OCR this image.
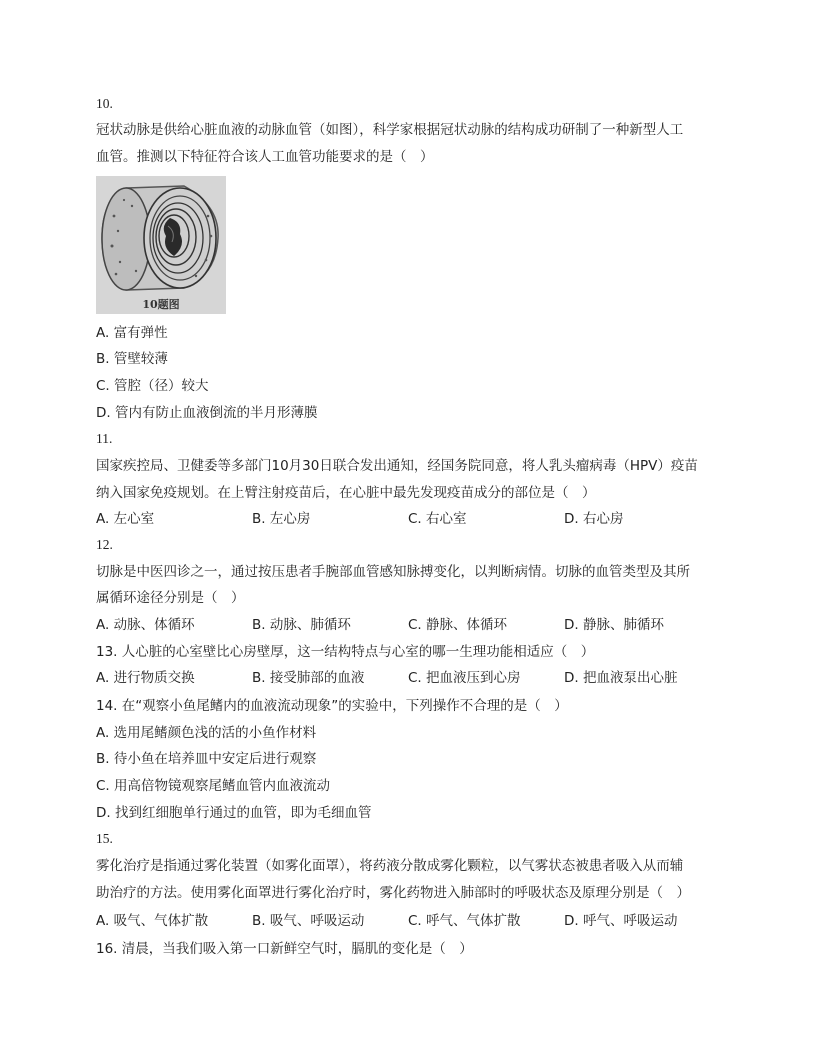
10.
冠状动脉是供给心脏血液的动脉血管（如图），科学家根据冠状动脉的结构成功研制了一种新型人工
血管。推测以下特征符合该人工血管功能要求的是（　）
10题图
A. 富有弹性
B. 管壁较薄
C. 管腔（径）较大
D. 管内有防止血液倒流的半月形薄膜
11.
国家疾控局、卫健委等多部门10月30日联合发出通知，经国务院同意，将人乳头瘤病毒（HPV）疫苗
纳入国家免疫规划。在上臂注射疫苗后，在心脏中最先发现疫苗成分的部位是（　）
A. 左心室	B. 左心房	C. 右心室	D. 右心房
12.
切脉是中医四诊之一，通过按压患者手腕部血管感知脉搏变化，以判断病情。切脉的血管类型及其所
属循环途径分别是（　）
A. 动脉、体循环	B. 动脉、肺循环	C. 静脉、体循环	D. 静脉、肺循环
13. 人心脏的心室壁比心房壁厚，这一结构特点与心室的哪一生理功能相适应（　）
A. 进行物质交换	B. 接受肺部的血液	C. 把血液压到心房	D. 把血液泵出心脏
14. 在“观察小鱼尾鳍内的血液流动现象”的实验中，下列操作不合理的是（　）
A. 选用尾鳍颜色浅的活的小鱼作材料
B. 待小鱼在培养皿中安定后进行观察
C. 用高倍物镜观察尾鳍血管内血液流动
D. 找到红细胞单行通过的血管，即为毛细血管
15.
雾化治疗是指通过雾化装置（如雾化面罩），将药液分散成雾化颗粒，以气雾状态被患者吸入从而辅
助治疗的方法。使用雾化面罩进行雾化治疗时，雾化药物进入肺部时的呼吸状态及原理分别是（　）
A. 吸气、气体扩散	B. 吸气、呼吸运动	C. 呼气、气体扩散	D. 呼气、呼吸运动
16. 清晨，当我们吸入第一口新鲜空气时，膈肌的变化是（　）
